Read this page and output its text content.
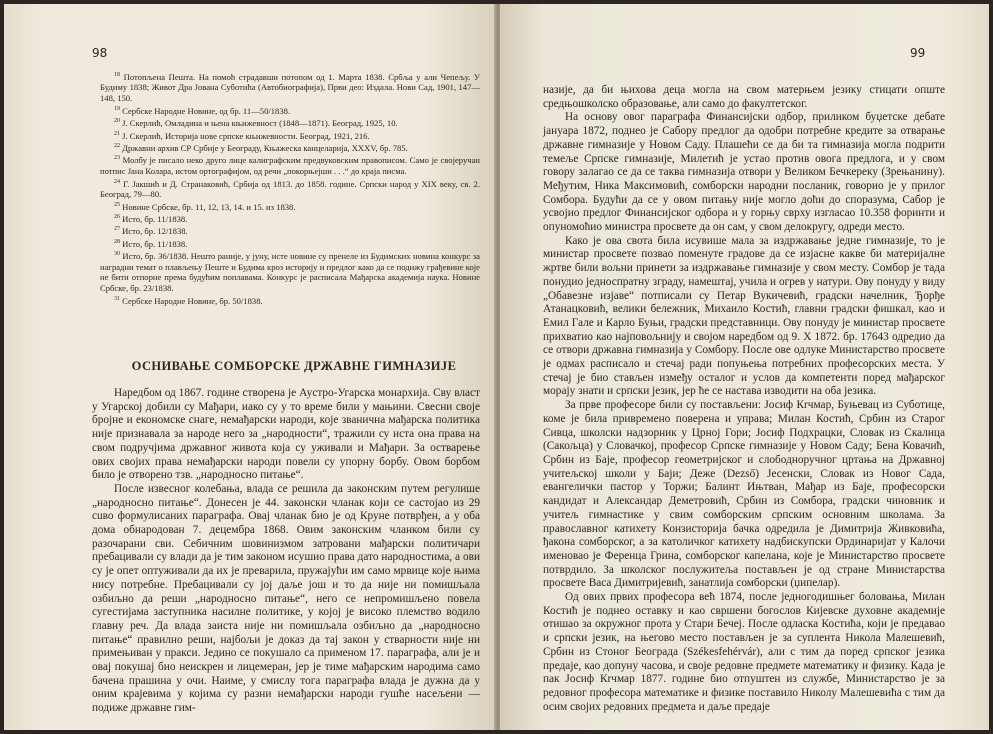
98

$^{18}$ Потопљена Пешта. На помоћ страдавши потопом од 1. Марта 1838. Србља у али Чепељу. У Будиму 1838; Живот Дра Јована Суботића (Автобиографија), Први део: Издала. Нови Сад, 1901, 147—148, 150.

$^{19}$ Сербске Народне Новине, од бр. 11—50/1838.

$^{20}$ Ј. Скерлић, Омладина и њена књижевност (1848—1871). Београд, 1925, 10.

$^{21}$ Ј. Скерлић, Историја нове српске књижевности. Београд, 1921, 216.

$^{22}$ Државни архив СР Србије у Београду, Књажеска канцеларија, XXXV, бр. 785.

$^{23}$ Молбу је писало неко друго лице калиграфским предвуковским правописом. Само је својеручан потпис Јана Колара, истом ортографијом, од речи „покорњејши . . .“ до краја писма.

$^{24}$ Г. Јакшић и Д. Странаковић, Србија од 1813. до 1858. године. Српски народ у XIX веку, св. 2. Београд, 79—80.

$^{25}$ Новине Србске, бр. 11, 12, 13, 14. и 15. из 1838.

$^{26}$ Исто, бр. 11/1838.

$^{27}$ Исто, бр. 12/1838.

$^{28}$ Исто, бр. 11/1838.

$^{30}$ Исто, бр. 36/1838. Нешто раније, у јуну, исте новине су пренеле из Будимских новина конкурс за наградни темат о плављењу Пеште и Будима кроз историју и предлог како да се подижу грађевине које не бити отпорне према будућим поплавама. Конкурс је расписала Мађарска академија наука. Новине Србске, бр. 23/1838.

$^{31}$ Сербске Народне Новине, бр. 50/1838.

ОСНИВАЊЕ СОМБОРСКЕ ДРЖАВНЕ ГИМНАЗИЈЕ

Наредбом од 1867. године створена је Аустро-Угарска монархија. Сву власт у Угарској добили су Мађари, иако су у то време били у мањини. Свесни своје бројне и економске снаге, немађарски народи, које званична мађарска политика није признавала за народе него за „народности“, тражили су иста она права на свом подручјима државног живота која су уживали и Мађари. За остварење ових својих права немађарски народи повели су упорну борбу. Овом борбом било је отворено тзв. „народносно питање“.

После извесног колебања, влада се решила да законским путем регулише „народносно питање“. Донесен је 44. законски чланак који се састојао из 29 сuво формулисаних параграфа. Овај чланак био је од Круне потврђен, а у оба дома обнародован 7. децембра 1868. Овим законским чланком били су разочарани сви. Себичним шовинизмом затровани мађарски политичари пребацивали су влади да је тим законом исушио права дато народностима, а ови су је опет оптуживали да их је преварила, пружајући им само мрвице које њима нису потребне. Пребацивали су јој даље још и то да није ни помишљала озбиљно да реши „народносно питање“, него се непромишљено повела сугестијама заступника насилне политике, у којој је високо племство водило главну реч. Да влада заиста није ни помишљала озбиљно да „народносно питање“ правилно реши, најбољи је доказ да тај закон у стварности није ни примењиван у пракси. Једино се покушало са применом 17. параграфа, али је и овај покушај био неискрен и лицемеран, јер је тиме мађарским народима само бачена прашина у очи. Наиме, у смислу тога параграфа влада је дужна да у оним крајевима у којима су разни немађарски народи гушће насељени — подиже државне гим-

99

назије, да би њихова деца могла на свом матерњем језику стицати општe средњошколско образовање, али само до факултетског.

На основу овог параграфа Финансијски одбор, приликом буџетске дебате јануара 1872, поднео је Сабору предлог да одобри потребне кредите за отварање државне гимназије у Новом Саду. Плашећи се да би та гимназија могла подрити темеље Српске гимназије, Милетић је устао против овога предлога, и у свом говору залагао се да се таква гимназија отвори у Великом Бечкереку (Зрењанину). Међутим, Ника Максимовић, сомборски народни посланик, говорио је у прилог Сомбора. Будући да се у овом питању није могло доћи до споразума, Сабор је усвојио предлог Финансијског одбора и у горњу сврху изгласао 10.358 форинти и опуномоћио министра просвете да он сам, у свом делокругу, одреди место.

Како је ова свота била исувише мала за издржавање једне гимназије, то је министар просвете позвао поменуте градове да се изјасне какве би материјалне жртве били вољни принети за издржавање гимназије у свом месту. Сомбор је тада понудио једноспратну зграду, намештај, учила и огрев у натури. Ову понуду у виду „Обавезне изјаве“ потписали су Петар Вукичевић, градски начелник, Ђорђе Атанацковић, велики бележник, Михаило Костић, главни градски фишкал, као и Емил Гале и Карло Буњи, градски представници. Ову понуду је министар просвете прихватио као најповољнију и својом наредбом од 9. X 1872. бр. 17643 одредио да се отвори државна гимназија у Сомбору. После ове одлуке Министарство просвете је одмах расписало и стечај ради попуњења потребних професорских места. У стечај је био стављен између осталог и услов да компетенти поред мађарског морају знати и српски језик, јер ће се настава изводити на оба језика.

За прве професоре били су постављени: Јосиф Кrчмар, Буњевац из Суботице, коме је била привремено поверена и управа; Милан Костић, Србин из Старог Сивца, школски надзорник у Црној Гори; Јосиф Подхрацки, Словак из Скалица (Сакољца) у Словачкој, професор Српске гимназије у Новом Саду; Бена Ковачић, Србин из Баје, професор геометријског и слободноручног цртања на Државној учитељској школи у Баји; Деже (Dezső) Јесенски, Словак из Новог Сада, евангелички пастор у Торжи; Балинт Ињтван, Мађар из Баје, професорски кандидат и Александар Деметровић, Србин из Сомбора, градски чиновник и учитељ гимнастике у свим сомборским српским основним школама. За православног катихету Конзисторија бачка одредила је Димитрија Живковића, ђакона сомборског, а за католичког катихету надбискупски Ординаријат у Калочи именовао је Ференца Грина, сомборског капелана, које је Министарство просвете потврдило. За школског послужитеља постављен је од стране Министарства просвете Васа Димитријевић, занатлија сомборски (џипелар).

Од ових првих професора већ 1874, после једногодишњег боловања, Милан Костић је поднео оставку и као свршени богослов Кијевске духовне академије отишао за окружног прота у Стари Бечеј. После одласка Костића, који је предавао и српски језик, на његово место постављен је за суплента Никола Малешевић, Србин из Стоног Београда (Székesfehérvár), али с тим да поред српског језика предаје, као допуну часова, и своје редовне предмете математику и физику. Када је пак Јосиф Кrчмар 1877. године био отпуштен из службе, Министарство је за редовног професора математике и физике поставило Николу Малешевића с тим да осим својих редовних предмета и даље предаје
